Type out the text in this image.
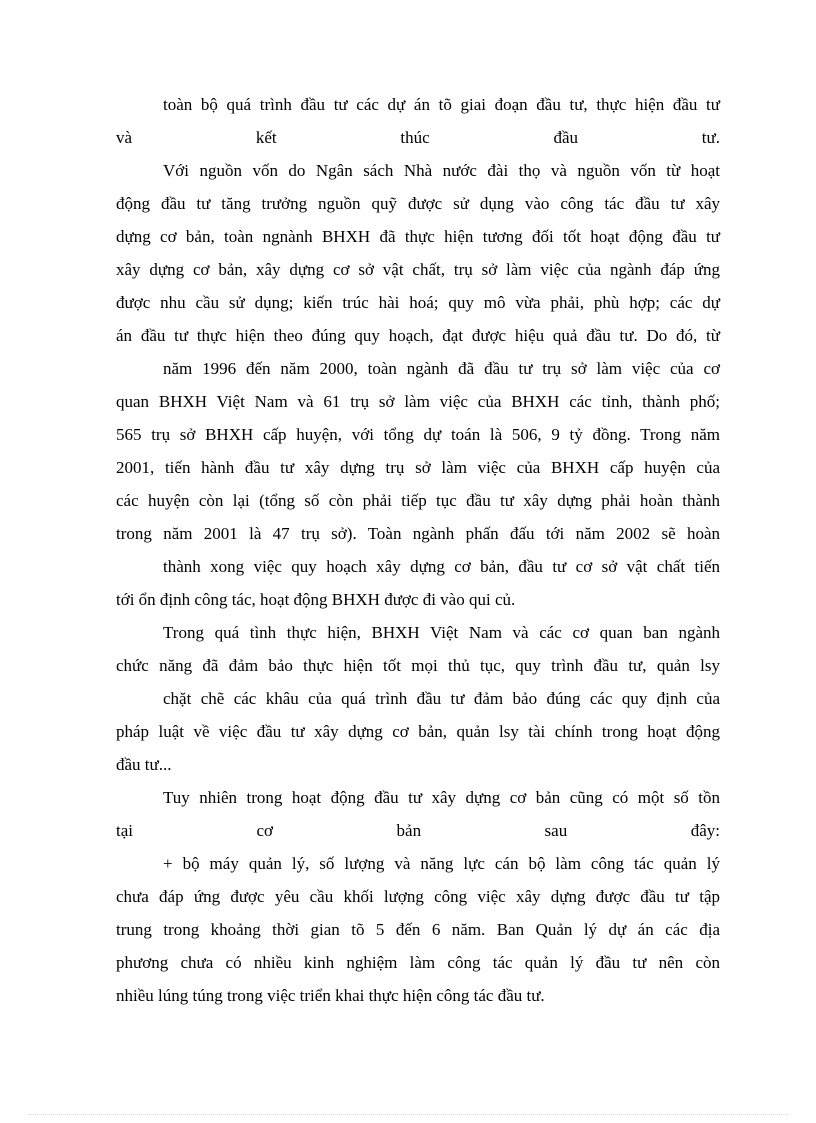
toàn bộ quá trình đầu tư các dự án tõ giai đoạn đầu tư, thực hiện đầu tư
và kết thúc đầu tư.
Với nguồn vốn do Ngân sách Nhà nước đài thọ và nguồn vốn từ hoạt
động đầu tư tăng trưởng nguồn quỹ được sử dụng vào công tác đầu tư xây
dựng cơ bản, toàn ngnành BHXH đã thực hiện tương đối tốt hoạt động đầu tư
xây dựng cơ bản, xây dựng cơ sở vật chất, trụ sở làm việc của ngành đáp ứng
được nhu cầu sử dụng; kiến trúc hài hoá; quy mô vừa phải, phù hợp; các dự
án đầu tư thực hiện theo đúng quy hoạch, đạt được hiệu quả đầu tư. Do đó, từ
năm 1996 đến năm 2000, toàn ngành đã đầu tư trụ sở làm việc của cơ
quan BHXH Việt Nam và 61 trụ sở làm việc của BHXH các tỉnh, thành phố;
565 trụ sở BHXH cấp huyện, với tổng dự toán là 506, 9 tỷ đồng. Trong năm
2001, tiến hành đầu tư xây dựng trụ sở làm việc của BHXH cấp huyện của
các huyện còn lại (tổng số còn phải tiếp tục đầu tư xây dựng phải hoàn thành
trong năm 2001 là 47 trụ sở). Toàn ngành phấn đấu tới năm 2002 sẽ hoàn
thành xong việc quy hoạch xây dựng cơ bản, đầu tư cơ sở vật chất tiến
tới ổn định công tác, hoạt động BHXH được đi vào qui củ.
Trong quá tình thực hiện, BHXH Việt Nam và các cơ quan ban ngành
chức năng đã đảm bảo thực hiện tốt mọi thủ tục, quy trình đầu tư, quản lsy
chặt chẽ các khâu của quá trình đầu tư đảm bảo đúng các quy định của
pháp luật về việc đầu tư xây dựng cơ bản, quản lsy tài chính trong hoạt động
đầu tư...
Tuy nhiên trong hoạt động đầu tư xây dựng cơ bản cũng có một số tồn
tại cơ bản sau đây:
+ bộ máy quản lý, số lượng và năng lực cán bộ làm công tác quản lý
chưa đáp ứng được yêu cầu khối lượng công việc xây dựng được đầu tư tập
trung trong khoảng thời gian tõ 5 đến 6 năm. Ban Quản lý dự án các địa
phương chưa có nhiều kinh nghiệm làm công tác quản lý đầu tư nên còn
nhiều lúng túng trong việc triển khai thực hiện công tác đầu tư.
